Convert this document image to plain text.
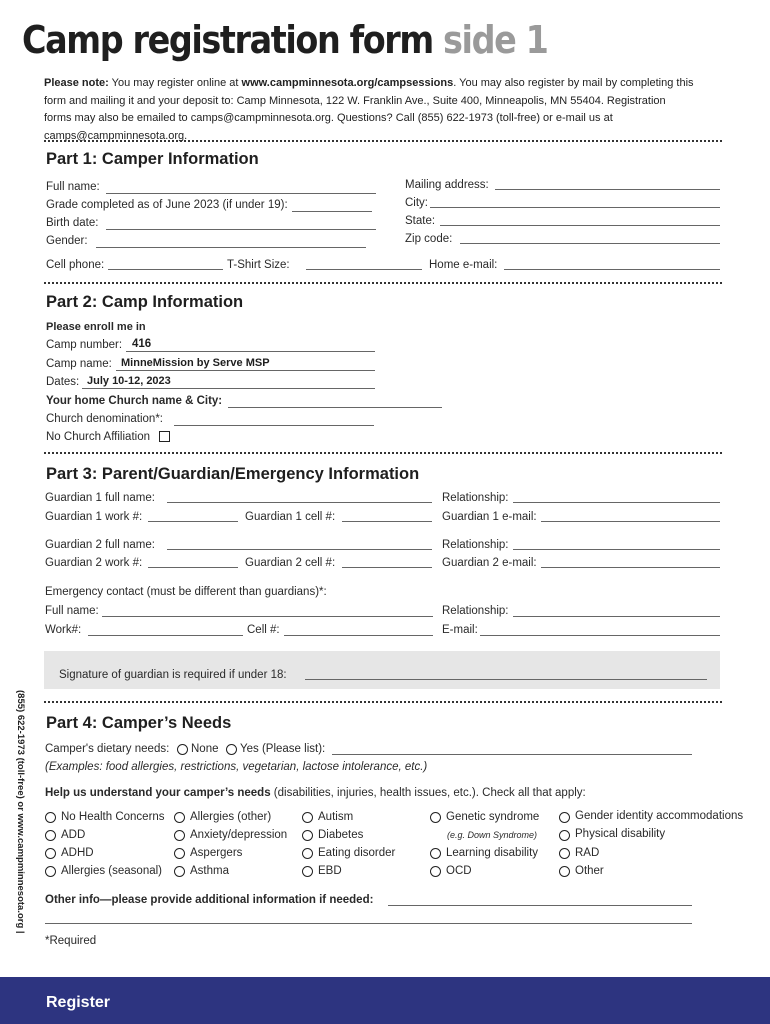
Camp registration form side 1
Please note: You may register online at www.campminnesota.org/campsessions. You may also register by mail by completing this form and mailing it and your deposit to: Camp Minnesota, 122 W. Franklin Ave., Suite 400, Minneapolis, MN 55404. Registration forms may also be emailed to camps@campminnesota.org. Questions? Call (855) 622-1973 (toll-free) or e-mail us at camps@campminnesota.org.
Part 1: Camper Information
Full name:
Grade completed as of June 2023 (if under 19):
Birth date:
Gender:
Mailing address:
City:
State:
Zip code:
Cell phone:	T-Shirt Size:	Home e-mail:
Part 2: Camp Information
Please enroll me in
Camp number: 416
Camp name: MinneMission by Serve MSP
Dates: July 10-12, 2023
Your home Church name & City:
Church denomination*:
No Church Affiliation
Part 3: Parent/Guardian/Emergency Information
Guardian 1 full name:	Relationship:
Guardian 1 work #:	Guardian 1 cell #:	Guardian 1 e-mail:
Guardian 2 full name:	Relationship:
Guardian 2 work #:	Guardian 2 cell #:	Guardian 2 e-mail:
Emergency contact (must be different than guardians)*:
Full name:	Relationship:
Work#:	Cell #:	E-mail:
Signature of guardian is required if under 18:
(855) 622-1973 (toll-free) or www.campminnesota.org | Part 4: Camper’s Needs
Camper's dietary needs: None Yes (Please list):
(Examples: food allergies, restrictions, vegetarian, lactose intolerance, etc.)
Help us understand your camper’s needs (disabilities, injuries, health issues, etc.). Check all that apply:
No Health Concerns
ADD
ADHD
Allergies (seasonal)
Allergies (other)
Anxiety/depression
Aspergers
Asthma
Autism
Diabetes
Eating disorder
EBD
Genetic syndrome
(e.g. Down Syndrome)
Learning disability
OCD
Gender identity accommodations
Physical disability
RAD
Other
Other info—please provide additional information if needed:
*Required
Register
